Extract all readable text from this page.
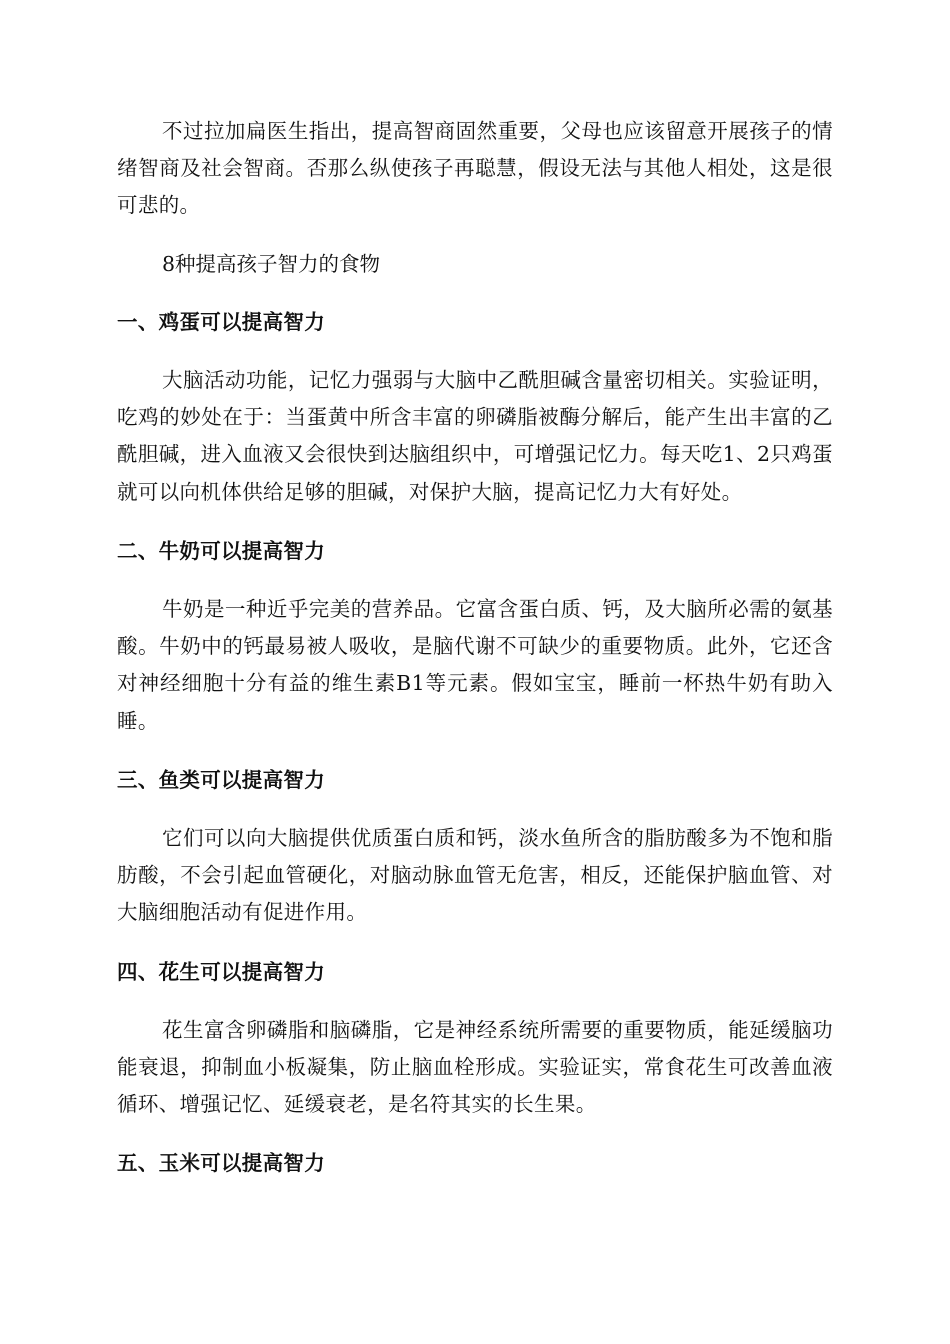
不过拉加扁医生指出，提高智商固然重要，父母也应该留意开展孩子的情绪智商及社会智商。否那么纵使孩子再聪慧，假设无法与其他人相处，这是很可悲的。

8种提高孩子智力的食物

一、鸡蛋可以提高智力

大脑活动功能，记忆力强弱与大脑中乙酰胆碱含量密切相关。实验证明，吃鸡的妙处在于：当蛋黄中所含丰富的卵磷脂被酶分解后，能产生出丰富的乙酰胆碱，进入血液又会很快到达脑组织中，可增强记忆力。每天吃1、2只鸡蛋就可以向机体供给足够的胆碱，对保护大脑，提高记忆力大有好处。

二、牛奶可以提高智力

牛奶是一种近乎完美的营养品。它富含蛋白质、钙，及大脑所必需的氨基酸。牛奶中的钙最易被人吸收，是脑代谢不可缺少的重要物质。此外，它还含对神经细胞十分有益的维生素B1等元素。假如宝宝，睡前一杯热牛奶有助入睡。

三、鱼类可以提高智力

它们可以向大脑提供优质蛋白质和钙，淡水鱼所含的脂肪酸多为不饱和脂肪酸，不会引起血管硬化，对脑动脉血管无危害，相反，还能保护脑血管、对大脑细胞活动有促进作用。

四、花生可以提高智力

花生富含卵磷脂和脑磷脂，它是神经系统所需要的重要物质，能延缓脑功能衰退，抑制血小板凝集，防止脑血栓形成。实验证实，常食花生可改善血液循环、增强记忆、延缓衰老，是名符其实的长生果。

五、玉米可以提高智力
